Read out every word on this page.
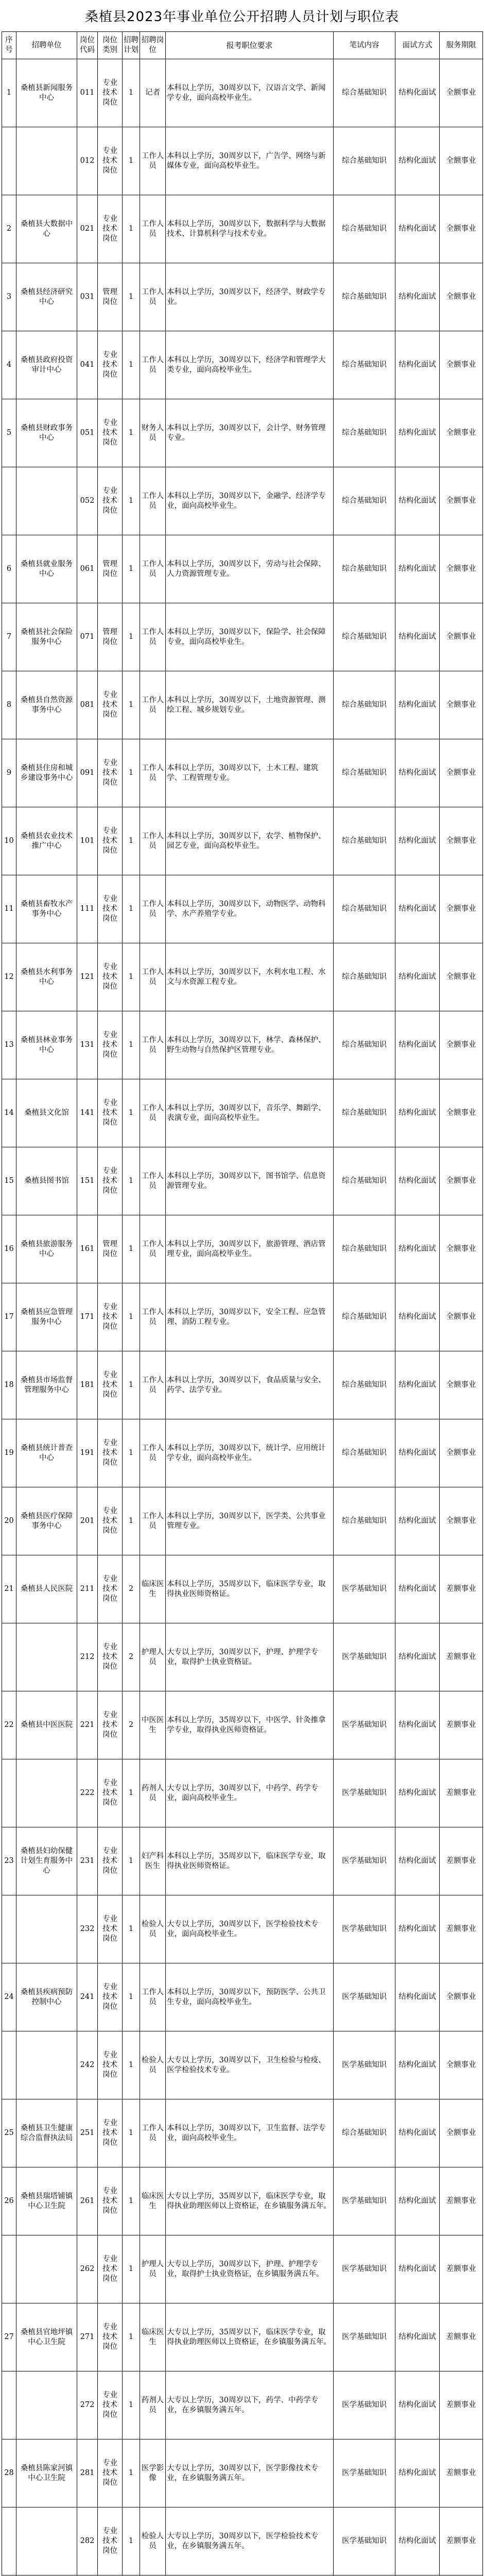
桑植县2023年事业单位公开招聘人员计划与职位表
序号	招聘单位	岗位代码	岗位类别	招聘计划	招聘岗位	报考职位要求	笔试内容	面试方式	服务期限
1	桑植县新闻服务中心	011	专业技术岗位	1	记者	本科以上学历，30周岁以下，汉语言文学、新闻学专业，面向高校毕业生。	综合基础知识	结构化面试	全额事业
		012	专业技术岗位	1	工作人员	本科以上学历，30周岁以下，广告学、网络与新媒体专业，面向高校毕业生。	综合基础知识	结构化面试	全额事业
2	桑植县大数据中心	021	专业技术岗位	1	工作人员	本科以上学历，30周岁以下，数据科学与大数据技术、计算机科学与技术专业。	综合基础知识	结构化面试	全额事业
3	桑植县经济研究中心	031	管理岗位	1	工作人员	本科以上学历，30周岁以下，经济学、财政学专业。	综合基础知识	结构化面试	全额事业
4	桑植县政府投资审计中心	041	专业技术岗位	1	工作人员	本科以上学历，30周岁以下，经济学和管理学大类专业，面向高校毕业生。	综合基础知识	结构化面试	全额事业
5	桑植县财政事务中心	051	专业技术岗位	1	财务人员	本科以上学历，30周岁以下，会计学、财务管理专业。	综合基础知识	结构化面试	全额事业
		052	专业技术岗位	1	工作人员	本科以上学历，30周岁以下，金融学、经济学专业，面向高校毕业生。	综合基础知识	结构化面试	全额事业
6	桑植县就业服务中心	061	管理岗位	1	工作人员	本科以上学历，30周岁以下，劳动与社会保障、人力资源管理专业。	综合基础知识	结构化面试	全额事业
7	桑植县社会保险服务中心	071	管理岗位	1	工作人员	本科以上学历，30周岁以下，保险学、社会保障专业，面向高校毕业生。	综合基础知识	结构化面试	全额事业
8	桑植县自然资源事务中心	081	专业技术岗位	1	工作人员	本科以上学历，30周岁以下，土地资源管理、测绘工程、城乡规划专业。	综合基础知识	结构化面试	全额事业
9	桑植县住房和城乡建设事务中心	091	专业技术岗位	1	工作人员	本科以上学历，30周岁以下，土木工程、建筑学、工程管理专业。	综合基础知识	结构化面试	全额事业
10	桑植县农业技术推广中心	101	专业技术岗位	1	工作人员	本科以上学历，30周岁以下，农学、植物保护、园艺专业，面向高校毕业生。	综合基础知识	结构化面试	全额事业
11	桑植县畜牧水产事务中心	111	专业技术岗位	1	工作人员	本科以上学历，30周岁以下，动物医学、动物科学、水产养殖学专业。	综合基础知识	结构化面试	全额事业
12	桑植县水利事务中心	121	专业技术岗位	1	工作人员	本科以上学历，30周岁以下，水利水电工程、水文与水资源工程专业。	综合基础知识	结构化面试	全额事业
13	桑植县林业事务中心	131	专业技术岗位	1	工作人员	本科以上学历，30周岁以下，林学、森林保护、野生动物与自然保护区管理专业。	综合基础知识	结构化面试	全额事业
14	桑植县文化馆	141	专业技术岗位	1	工作人员	本科以上学历，30周岁以下，音乐学、舞蹈学、表演专业，面向高校毕业生。	综合基础知识	结构化面试	全额事业
15	桑植县图书馆	151	专业技术岗位	1	工作人员	本科以上学历，30周岁以下，图书馆学、信息资源管理专业。	综合基础知识	结构化面试	全额事业
16	桑植县旅游服务中心	161	管理岗位	1	工作人员	本科以上学历，30周岁以下，旅游管理、酒店管理专业，面向高校毕业生。	综合基础知识	结构化面试	全额事业
17	桑植县应急管理服务中心	171	专业技术岗位	1	工作人员	本科以上学历，30周岁以下，安全工程、应急管理、消防工程专业。	综合基础知识	结构化面试	全额事业
18	桑植县市场监督管理服务中心	181	专业技术岗位	1	工作人员	本科以上学历，30周岁以下，食品质量与安全、药学、法学专业。	综合基础知识	结构化面试	全额事业
19	桑植县统计普查中心	191	专业技术岗位	1	工作人员	本科以上学历，30周岁以下，统计学、应用统计学专业，面向高校毕业生。	综合基础知识	结构化面试	全额事业
20	桑植县医疗保障事务中心	201	专业技术岗位	1	工作人员	本科以上学历，30周岁以下，医学类、公共事业管理专业。	综合基础知识	结构化面试	全额事业
21	桑植县人民医院	211	专业技术岗位	2	临床医生	本科以上学历，35周岁以下，临床医学专业，取得执业医师资格证。	医学基础知识	结构化面试	差额事业
		212	专业技术岗位	2	护理人员	大专以上学历，30周岁以下，护理、护理学专业，取得护士执业资格证。	医学基础知识	结构化面试	差额事业
22	桑植县中医医院	221	专业技术岗位	2	中医医生	本科以上学历，35周岁以下，中医学、针灸推拿学专业，取得执业医师资格证。	医学基础知识	结构化面试	差额事业
		222	专业技术岗位	1	药剂人员	大专以上学历，30周岁以下，中药学、药学专业，面向高校毕业生。	医学基础知识	结构化面试	差额事业
23	桑植县妇幼保健计划生育服务中心	231	专业技术岗位	1	妇产科医生	本科以上学历，35周岁以下，临床医学专业，取得执业医师资格证。	医学基础知识	结构化面试	差额事业
		232	专业技术岗位	1	检验人员	大专以上学历，30周岁以下，医学检验技术专业，面向高校毕业生。	医学基础知识	结构化面试	差额事业
24	桑植县疾病预防控制中心	241	专业技术岗位	1	工作人员	本科以上学历，30周岁以下，预防医学、公共卫生专业，面向高校毕业生。	医学基础知识	结构化面试	全额事业
		242	专业技术岗位	1	检验人员	大专以上学历，30周岁以下，卫生检验与检疫、医学检验技术专业。	医学基础知识	结构化面试	全额事业
25	桑植县卫生健康综合监督执法局	251	专业技术岗位	1	工作人员	本科以上学历，30周岁以下，卫生监督、法学专业，面向高校毕业生。	综合基础知识	结构化面试	全额事业
26	桑植县瑞塔铺镇中心卫生院	261	专业技术岗位	1	临床医生	大专以上学历，35周岁以下，临床医学专业，取得执业助理医师以上资格证，在乡镇服务满五年。	医学基础知识	结构化面试	差额事业
		262	专业技术岗位	1	护理人员	大专以上学历，30周岁以下，护理、护理学专业，取得护士执业资格证，在乡镇服务满五年。	医学基础知识	结构化面试	差额事业
27	桑植县官地坪镇中心卫生院	271	专业技术岗位	1	临床医生	大专以上学历，35周岁以下，临床医学专业，取得执业助理医师以上资格证，在乡镇服务满五年。	医学基础知识	结构化面试	差额事业
		272	专业技术岗位	1	药剂人员	大专以上学历，30周岁以下，药学、中药学专业，在乡镇服务满五年。	医学基础知识	结构化面试	差额事业
28	桑植县陈家河镇中心卫生院	281	专业技术岗位	1	医学影像	大专以上学历，30周岁以下，医学影像技术专业，在乡镇服务满五年。	医学基础知识	结构化面试	差额事业
		282	专业技术岗位	1	检验人员	大专以上学历，30周岁以下，医学检验技术专业，在乡镇服务满五年。	医学基础知识	结构化面试	差额事业
